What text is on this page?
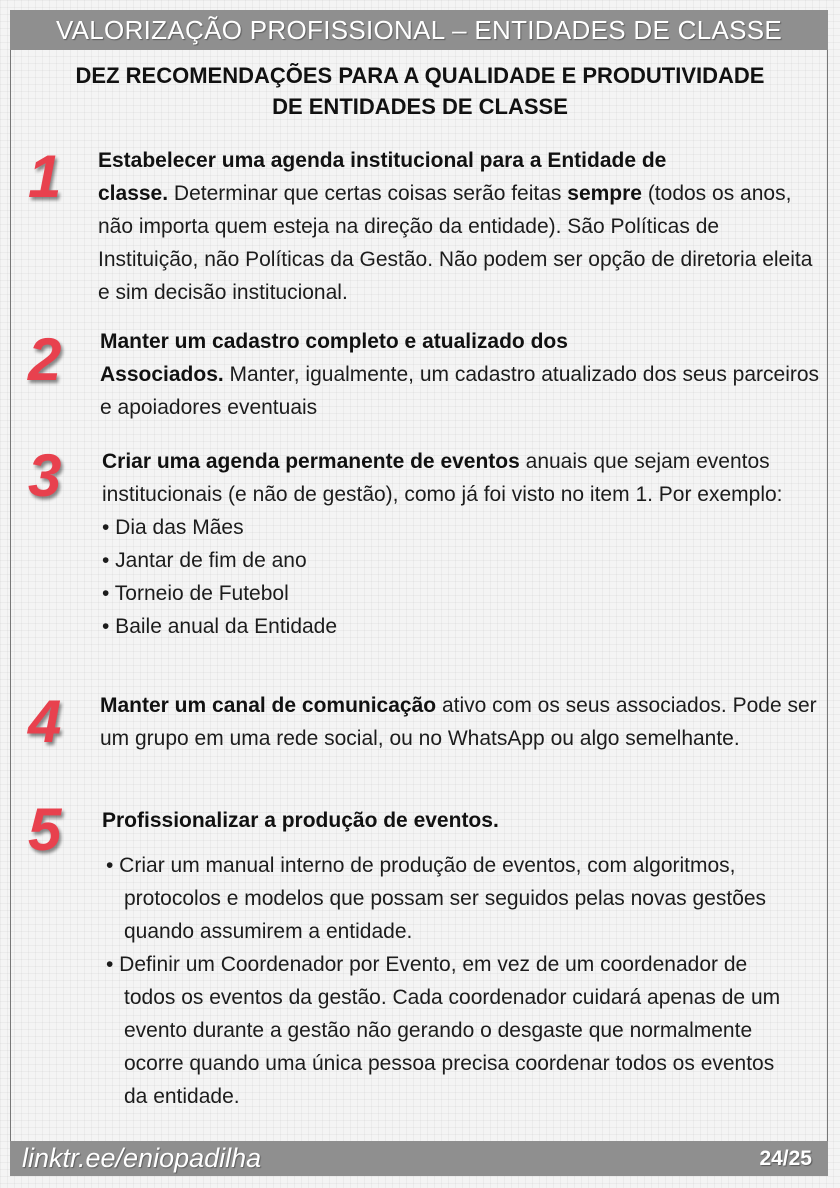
VALORIZAÇÃO PROFISSIONAL – ENTIDADES DE CLASSE
DEZ RECOMENDAÇÕES PARA A QUALIDADE E PRODUTIVIDADE
DE ENTIDADES DE CLASSE
1 Estabelecer uma agenda institucional para a Entidade de
classe. Determinar que certas coisas serão feitas sempre (todos os anos, não importa quem esteja na direção da entidade). São Políticas de Instituição, não Políticas da Gestão. Não podem ser opção de diretoria eleita e sim decisão institucional.
2 Manter um cadastro completo e atualizado dos
Associados. Manter, igualmente, um cadastro atualizado dos seus parceiros e apoiadores eventuais
3 Criar uma agenda permanente de eventos anuais que sejam eventos institucionais (e não de gestão), como já foi visto no item 1. Por exemplo:
• Dia das Mães
• Jantar de fim de ano
• Torneio de Futebol
• Baile anual da Entidade
4 Manter um canal de comunicação ativo com os seus associados. Pode ser um grupo em uma rede social, ou no WhatsApp ou algo semelhante.
5 Profissionalizar a produção de eventos.
• Criar um manual interno de produção de eventos, com algoritmos, protocolos e modelos que possam ser seguidos pelas novas gestões quando assumirem a entidade.
• Definir um Coordenador por Evento, em vez de um coordenador de todos os eventos da gestão. Cada coordenador cuidará apenas de um evento durante a gestão não gerando o desgaste que normalmente ocorre quando uma única pessoa precisa coordenar todos os eventos da entidade.
linktr.ee/eniopadilha	24/25
